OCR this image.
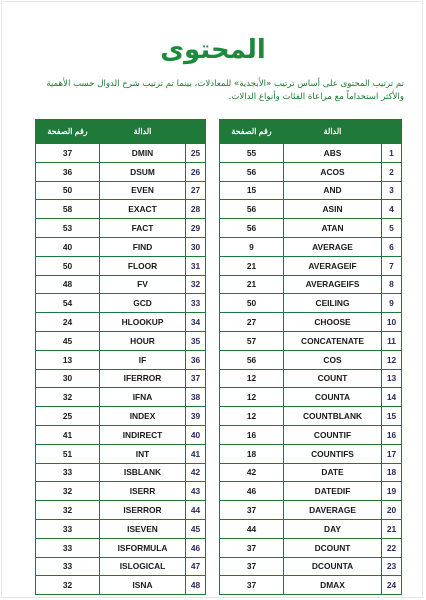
المحتوى
تم ترتيب المحتوى على أساس ترتيب «الأبجدية» للمعادلات، بينما تم ترتيب شرح الدوال حسب الأهمية
والأكثر استخداماً مع مراعاة الفئات وأنواع الدالات.
	الدالة	رقم الصفحة
1	ABS	55
2	ACOS	56
3	AND	15
4	ASIN	56
5	ATAN	56
6	AVERAGE	9
7	AVERAGEIF	21
8	AVERAGEIFS	21
9	CEILING	50
10	CHOOSE	27
11	CONCATENATE	57
12	COS	56
13	COUNT	12
14	COUNTA	12
15	COUNTBLANK	12
16	COUNTIF	16
17	COUNTIFS	18
18	DATE	42
19	DATEDIF	46
20	DAVERAGE	37
21	DAY	44
22	DCOUNT	37
23	DCOUNTA	37
24	DMAX	37
	الدالة	رقم الصفحة
25	DMIN	37
26	DSUM	36
27	EVEN	50
28	EXACT	58
29	FACT	53
30	FIND	40
31	FLOOR	50
32	FV	48
33	GCD	54
34	HLOOKUP	24
35	HOUR	45
36	IF	13
37	IFERROR	30
38	IFNA	32
39	INDEX	25
40	INDIRECT	41
41	INT	51
42	ISBLANK	33
43	ISERR	32
44	ISERROR	32
45	ISEVEN	33
46	ISFORMULA	33
47	ISLOGICAL	33
48	ISNA	32
